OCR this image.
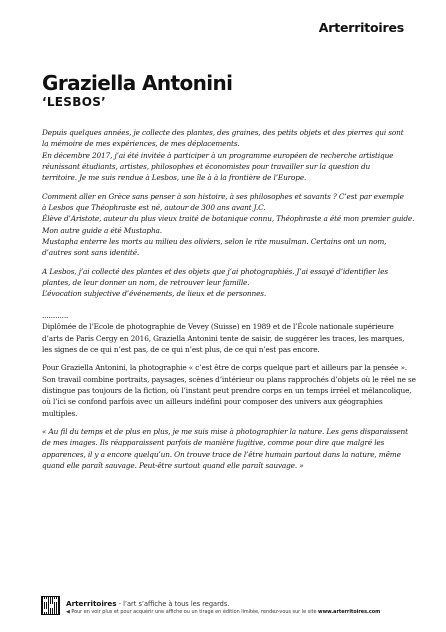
Arterritoires
Graziella Antonini
‘LESBOS’

Depuis quelques années, je collecte des plantes, des graines, des petits objets et des pierres qui sont
la mémoire de mes expériences, de mes déplacements.
En décembre 2017, j’ai été invitée à participer à un programme européen de recherche artistique
réunissant étudiants, artistes, philosophes et économistes pour travailler sur la question du
territoire. Je me suis rendue à Lesbos, une île à à la frontière de l’Europe.

Comment aller en Grèce sans penser à son histoire, à ses philosophes et savants ? C’est par exemple
à Lesbos que Théophraste est né, autour de 300 ans avant J.C.
Élève d’Aristote, auteur du plus vieux traité de botanique connu, Théophraste a été mon premier guide.
Mon autre guide a été Mustapha.
Mustapha enterre les morts au milieu des oliviers, selon le rite musulman. Certains ont un nom,
d’autres sont sans identité.

A Lesbos, j’ai collecté des plantes et des objets que j’ai photographiés. J’ai essayé d’identifier les
plantes, de leur donner un nom, de retrouver leur famille.
L’évocation subjective d’événements, de lieux et de personnes.

............
Diplômée de l’Ecole de photographie de Vevey (Suisse) en 1989 et de l’École nationale supérieure
d’arts de Paris Cergy en 2016, Graziella Antonini tente de saisir, de suggérer les traces, les marques,
les signes de ce qui n’est pas, de ce qui n’est plus, de ce qui n’est pas encore.

Pour Graziella Antonini, la photographie « c’est être de corps quelque part et ailleurs par la pensée ».
Son travail combine portraits, paysages, scènes d’intérieur ou plans rapprochés d’objets où le réel ne se
distingue pas toujours de la fiction, où l’instant peut prendre corps en un temps irréel et mélancolique,
où l’ici se confond parfois avec un ailleurs indéfini pour composer des univers aux géographies
multiples.

« Au fil du temps et de plus en plus, je me suis mise à photographier la nature. Les gens disparaissent
de mes images. Ils réapparaissent parfois de manière fugitive, comme pour dire que malgré les
apparences, il y a encore quelqu’un. On trouve trace de l’être humain partout dans la nature, même
quand elle paraît sauvage. Peut-être surtout quand elle paraît sauvage. »

Arterritoires - l’art s’affiche à tous les regards.
◀ Pour en voir plus et pour acquérir une affiche ou un tirage en édition limitée, rendez-vous sur le site www.arterritoires.com
